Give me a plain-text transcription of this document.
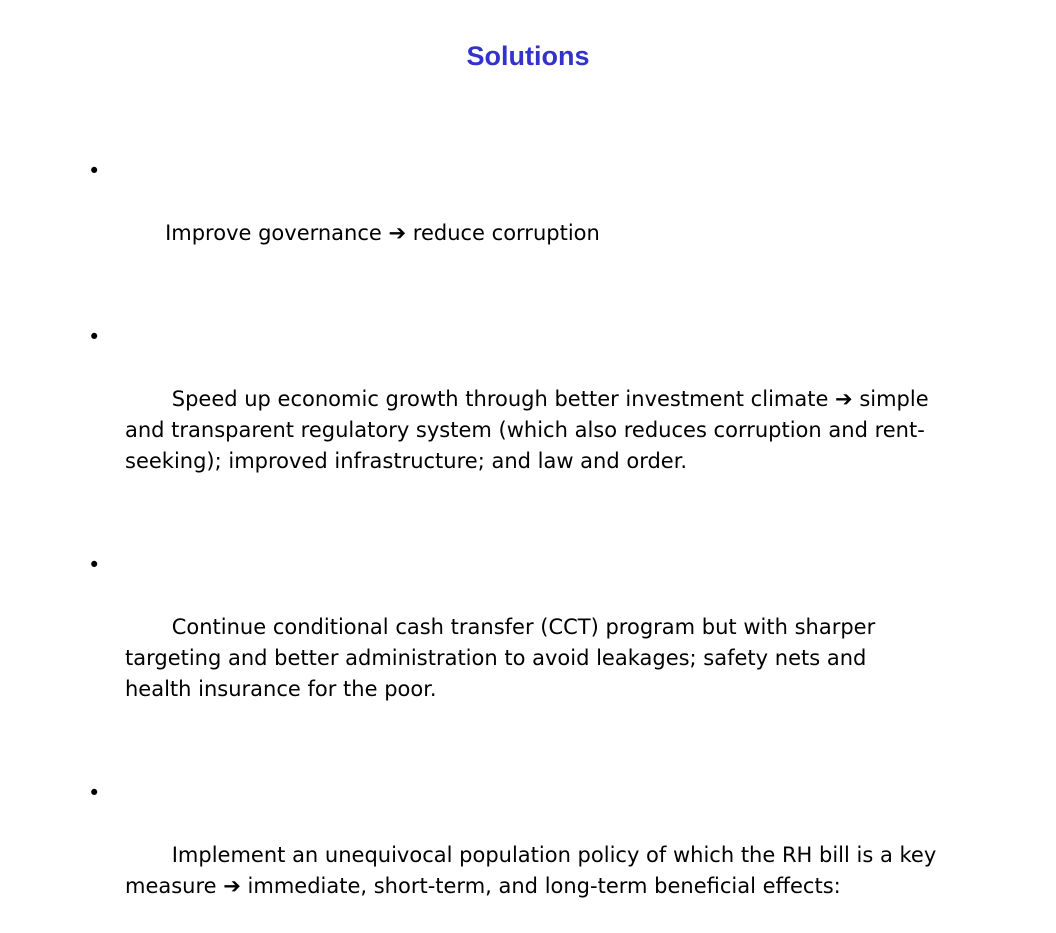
Solutions

•

Improve governance ➔ reduce corruption

•

Speed up economic growth through better investment climate ➔ simple and transparent regulatory system (which also reduces corruption and rent-seeking); improved infrastructure; and law and order.

•

Continue conditional cash transfer (CCT) program but with sharper targeting and better administration to avoid leakages; safety nets and health insurance for the poor.

•

Implement an unequivocal population policy of which the RH bill is a key measure ➔ immediate, short-term, and long-term beneficial effects:
